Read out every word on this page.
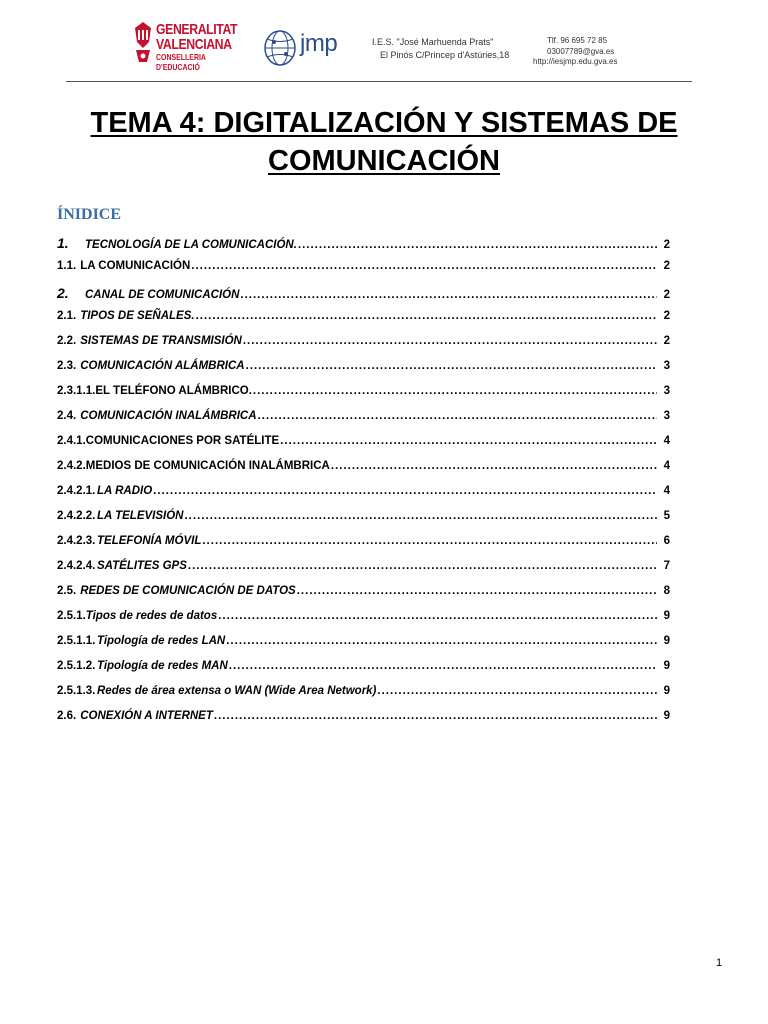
GENERALITAT
VALENCIANA
CONSELLERIA D'EDUCACIÓ
jmp	I.E.S. "José Marhuenda Prats"
El Pinós C/Princep d'Astúries,18
Tlf. 96 695 72 85
03007789@gva.es
http://iesjmp.edu.gva.es
TEMA 4: DIGITALIZACIÓN Y SISTEMAS DE
COMUNICACIÓN
ÍNIDICE
1.	TECNOLOGÍA DE LA COMUNICACIÓN. .....	2
1.1. LA COMUNICACIÓN .....	2
2.	CANAL DE COMUNICACIÓN .....	2
2.1. TIPOS DE SEÑALES. .....	2
2.2. SISTEMAS DE TRANSMISIÓN .....	2
2.3. COMUNICACIÓN ALÁMBRICA .....	3
2.3.1.1. EL TELÉFONO ALÁMBRICO. .....	3
2.4. COMUNICACIÓN INALÁMBRICA .....	3
2.4.1. COMUNICACIONES POR SATÉLITE .....	4
2.4.2. MEDIOS DE COMUNICACIÓN INALÁMBRICA .....	4
2.4.2.1. LA RADIO .....	4
2.4.2.2. LA TELEVISIÓN .....	5
2.4.2.3. TELEFONÍA MÓVIL .....	6
2.4.2.4. SATÉLITES GPS .....	7
2.5. REDES DE COMUNICACIÓN DE DATOS .....	8
2.5.1. Tipos de redes de datos .....	9
2.5.1.1. Tipología de redes LAN .....	9
2.5.1.2. Tipología de redes MAN .....	9
2.5.1.3. Redes de área extensa o WAN (Wide Area Network) .....	9
2.6. CONEXIÓN A INTERNET .....	9
1
